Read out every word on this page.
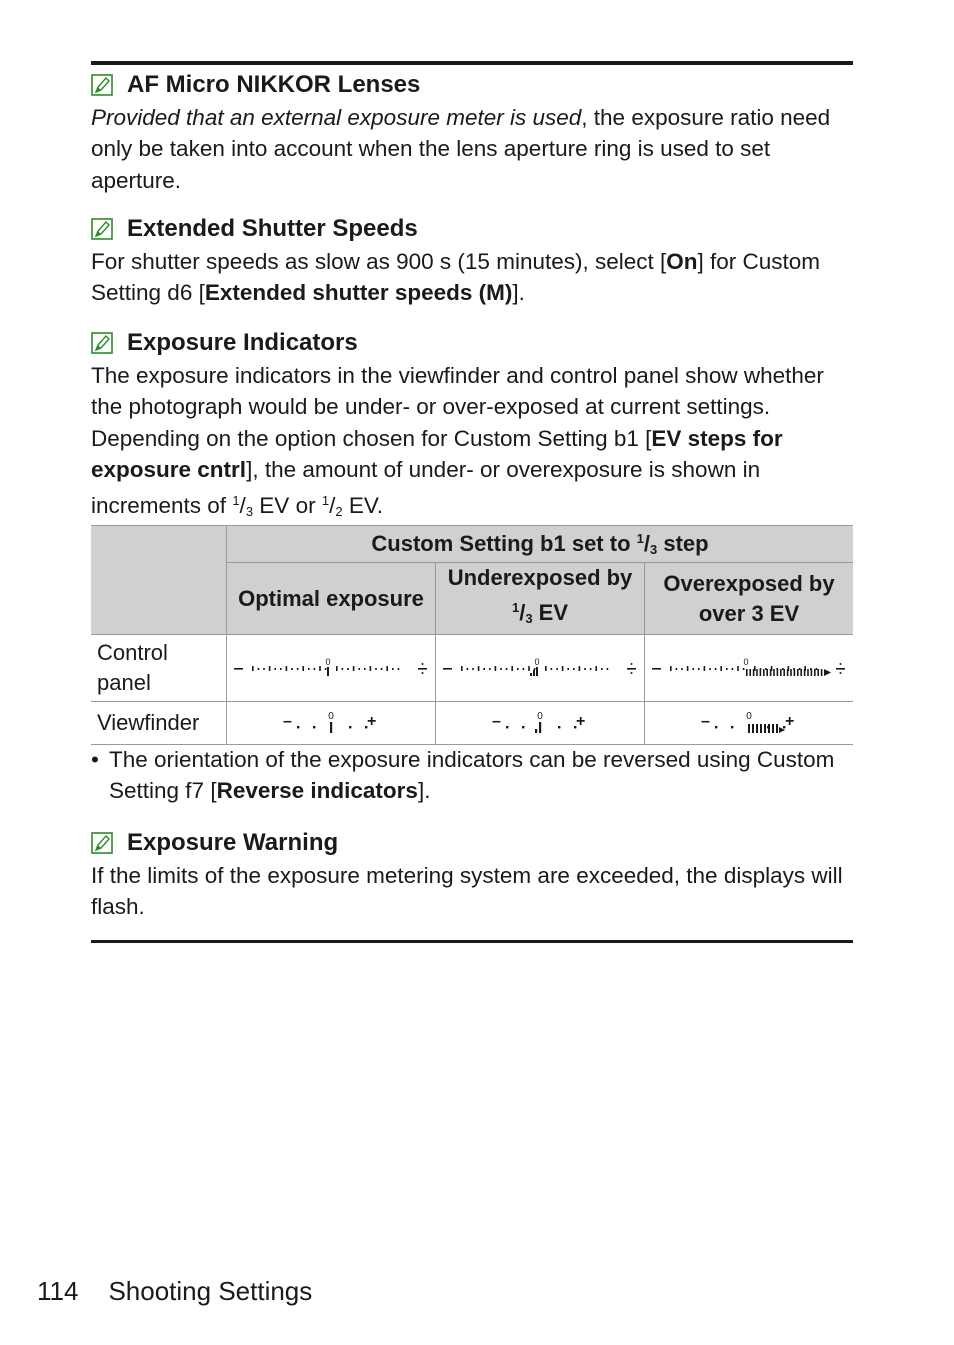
AF Micro NIKKOR Lenses

Provided that an external exposure meter is used, the exposure ratio need only be taken into account when the lens aperture ring is used to set aperture.

Extended Shutter Speeds

For shutter speeds as slow as 900 s (15 minutes), select [On] for Custom Setting d6 [Extended shutter speeds (M)].

Exposure Indicators

The exposure indicators in the viewfinder and control panel show whether the photograph would be under- or over-exposed at current settings. Depending on the option chosen for Custom Setting b1 [EV steps for exposure cntrl], the amount of under- or overexposure is shown in increments of $^1/_3$ EV or $^1/_2$ EV.

	Custom Setting b1 set to $^1/_3$ step		
	Optimal exposure	Underexposed by $^1/_3$ EV	Overexposed by over 3 EV
Control panel	0	0	0

Viewfinder	– 0 +	– 0 +	– 0 +
• The orientation of the exposure indicators can be reversed using Custom Setting f7 [Reverse indicators].
Exposure Warning

If the limits of the exposure metering system are exceeded, the displays will flash.

114 Shooting Settings
